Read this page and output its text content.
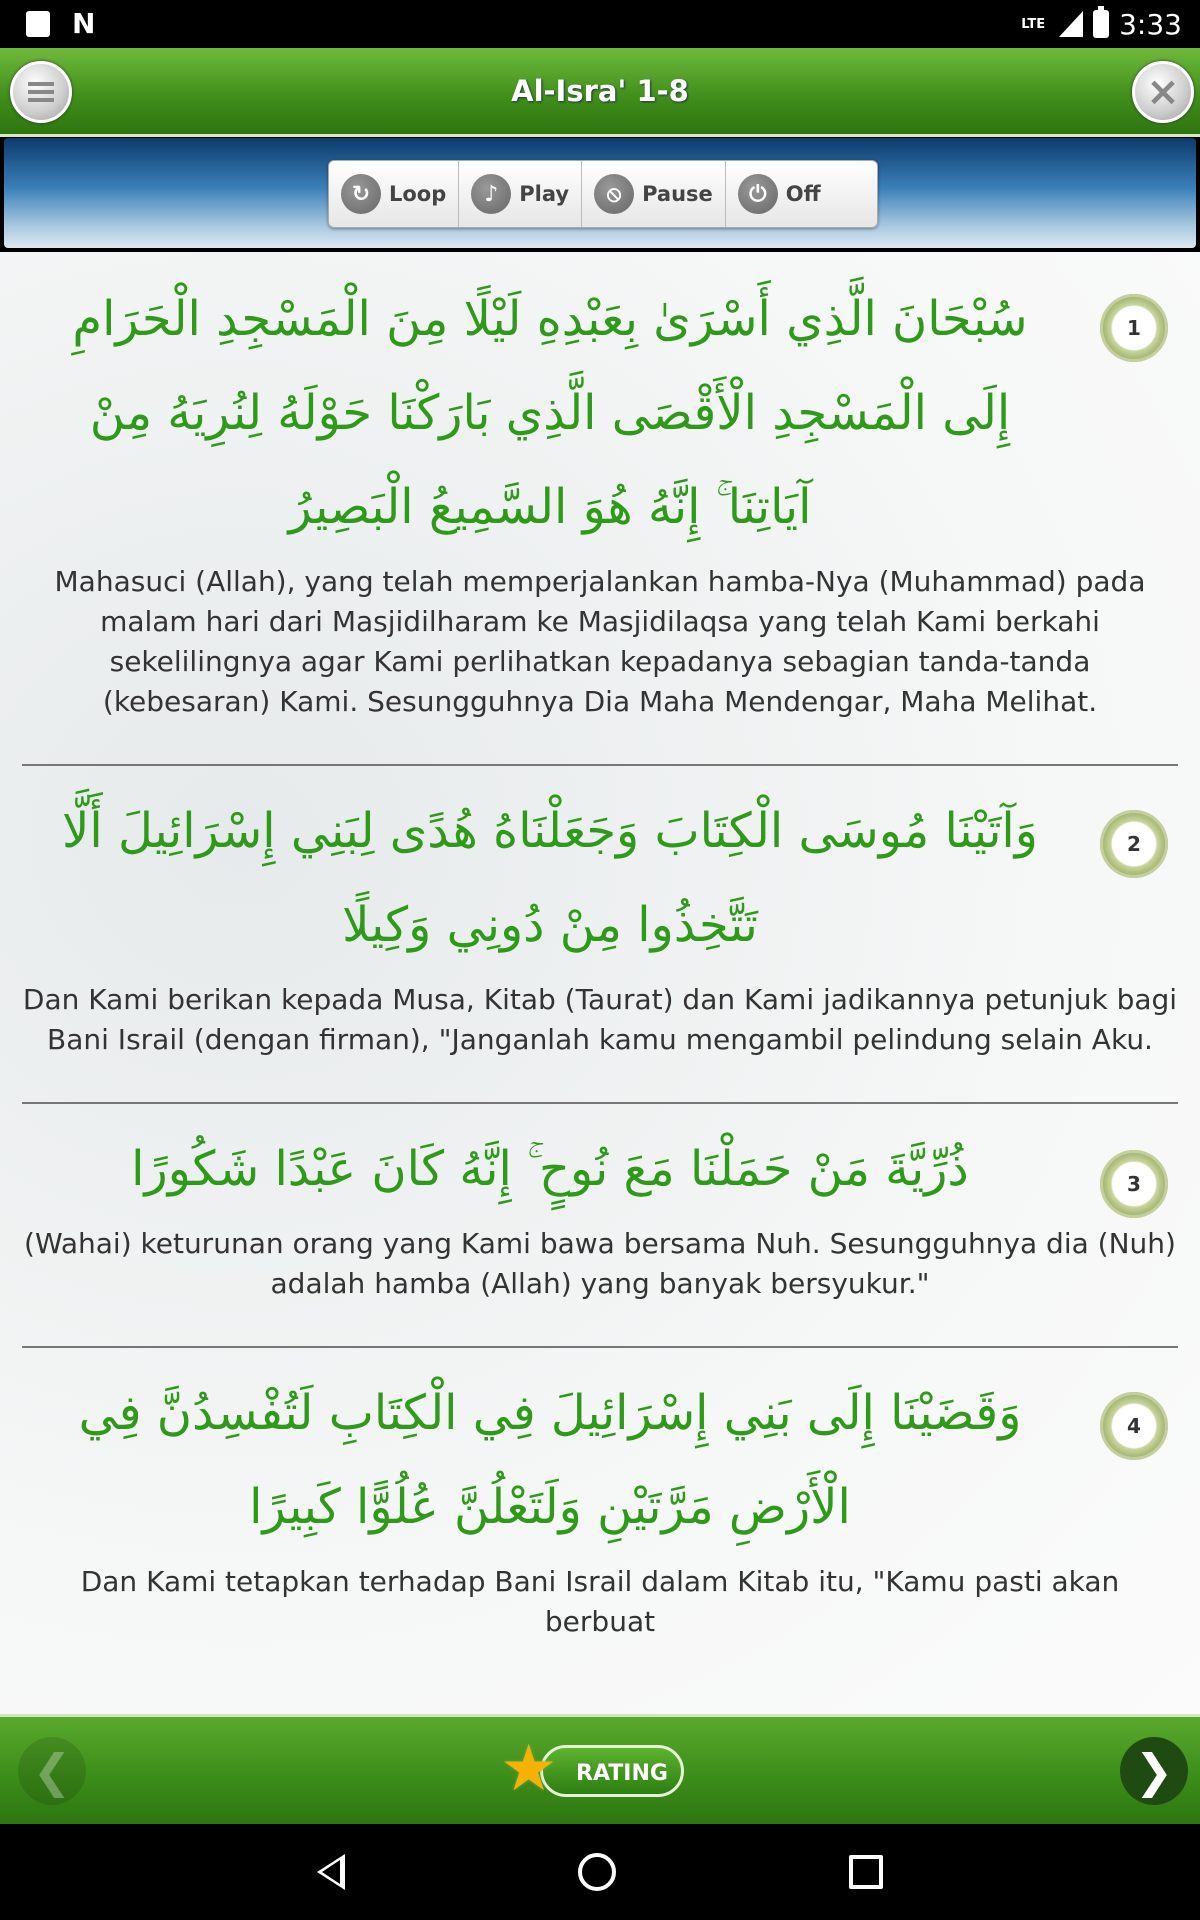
N	LTE	3:33
Al-Isra' 1-8	×
↻ Loop	♪ Play	⦸ Pause	⏻ Off
1
سُبْحَانَ الَّذِي أَسْرَىٰ بِعَبْدِهِ لَيْلًا مِنَ الْمَسْجِدِ الْحَرَامِ إِلَى الْمَسْجِدِ الْأَقْصَى الَّذِي بَارَكْنَا حَوْلَهُ لِنُرِيَهُ مِنْ آيَاتِنَا ۚ إِنَّهُ هُوَ السَّمِيعُ الْبَصِيرُ
Mahasuci (Allah), yang telah memperjalankan hamba-Nya (Muhammad) pada malam hari dari Masjidilharam ke Masjidilaqsa yang telah Kami berkahi sekelilingnya agar Kami perlihatkan kepadanya sebagian tanda-tanda (kebesaran) Kami. Sesungguhnya Dia Maha Mendengar, Maha Melihat.
2
وَآتَيْنَا مُوسَى الْكِتَابَ وَجَعَلْنَاهُ هُدًى لِبَنِي إِسْرَائِيلَ أَلَّا تَتَّخِذُوا مِنْ دُونِي وَكِيلًا
Dan Kami berikan kepada Musa, Kitab (Taurat) dan Kami jadikannya petunjuk bagi Bani Israil (dengan firman), "Janganlah kamu mengambil pelindung selain Aku.
3
ذُرِّيَّةَ مَنْ حَمَلْنَا مَعَ نُوحٍ ۚ إِنَّهُ كَانَ عَبْدًا شَكُورًا
(Wahai) keturunan orang yang Kami bawa bersama Nuh. Sesungguhnya dia (Nuh) adalah hamba (Allah) yang banyak bersyukur."
4
وَقَضَيْنَا إِلَى بَنِي إِسْرَائِيلَ فِي الْكِتَابِ لَتُفْسِدُنَّ فِي الْأَرْضِ مَرَّتَيْنِ وَلَتَعْلُنَّ عُلُوًّا كَبِيرًا
Dan Kami tetapkan terhadap Bani Israil dalam Kitab itu, "Kamu pasti akan berbuat
❮	RATING
★	❯
